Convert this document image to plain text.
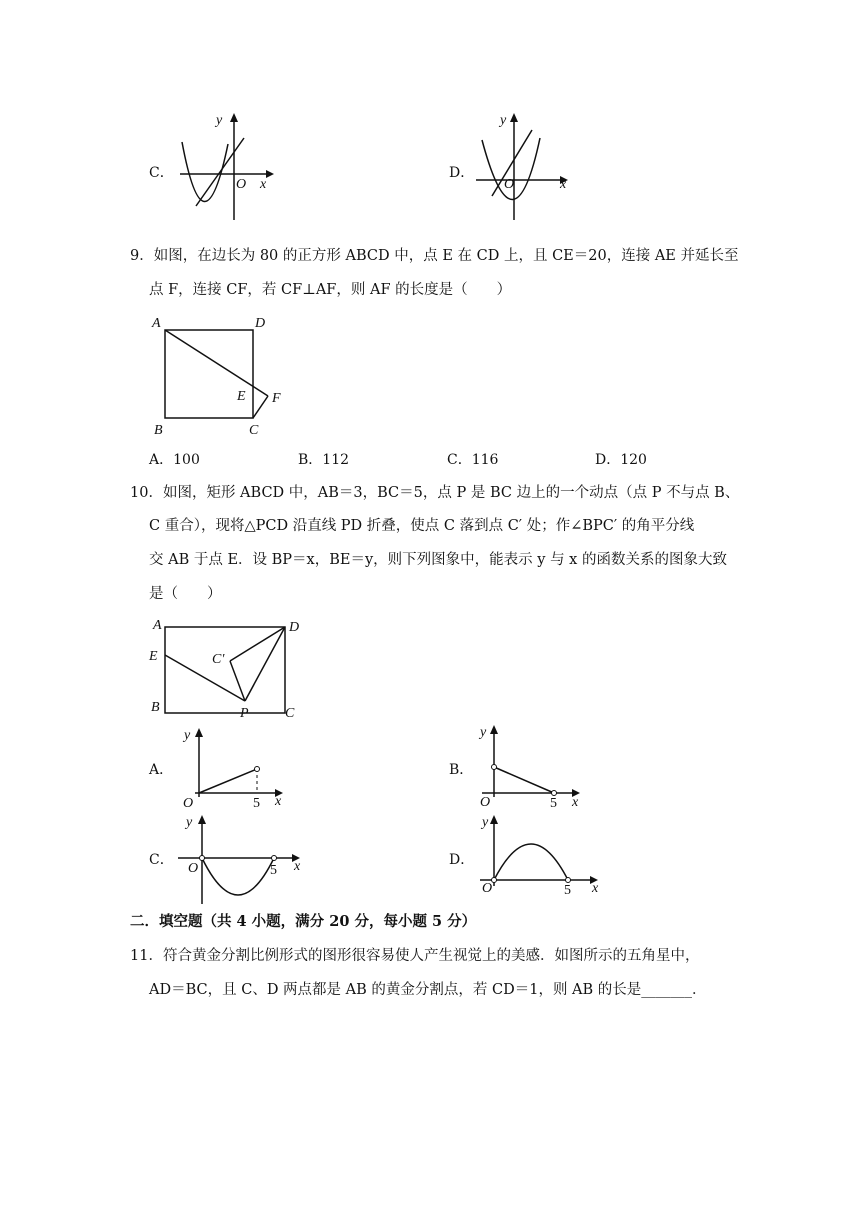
C．
y
x
O
D．
y
x
O
9．如图，在边长为 80 的正方形 ABCD 中，点 E 在 CD 上，且 CE＝20，连接 AE 并延长至
点 F，连接 CF，若 CF⊥AF，则 AF 的长度是（　　）
A	D
B	C
E F
A．100	B．112	C．116	D．120
10．如图，矩形 ABCD 中，AB＝3，BC＝5，点 P 是 BC 边上的一个动点（点 P 不与点 B、
C 重合），现将△PCD 沿直线 PD 折叠，使点 C 落到点 C′ 处；作∠BPC′ 的角平分线
交 AB 于点 E．设 BP＝x，BE＝y，则下列图象中，能表示 y 与 x 的函数关系的图象大致
是（　　）
A	D
E	C′
B	P	C
A．
y
x
O	5
B．
y
x
O	5
C．
y
x
O	5
D．
y
x
O	5
二．填空题（共 4 小题，满分 20 分，每小题 5 分）
11．符合黄金分割比例形式的图形很容易使人产生视觉上的美感．如图所示的五角星中，
AD＝BC，且 C、D 两点都是 AB 的黄金分割点，若 CD＝1，则 AB 的长是_______．
